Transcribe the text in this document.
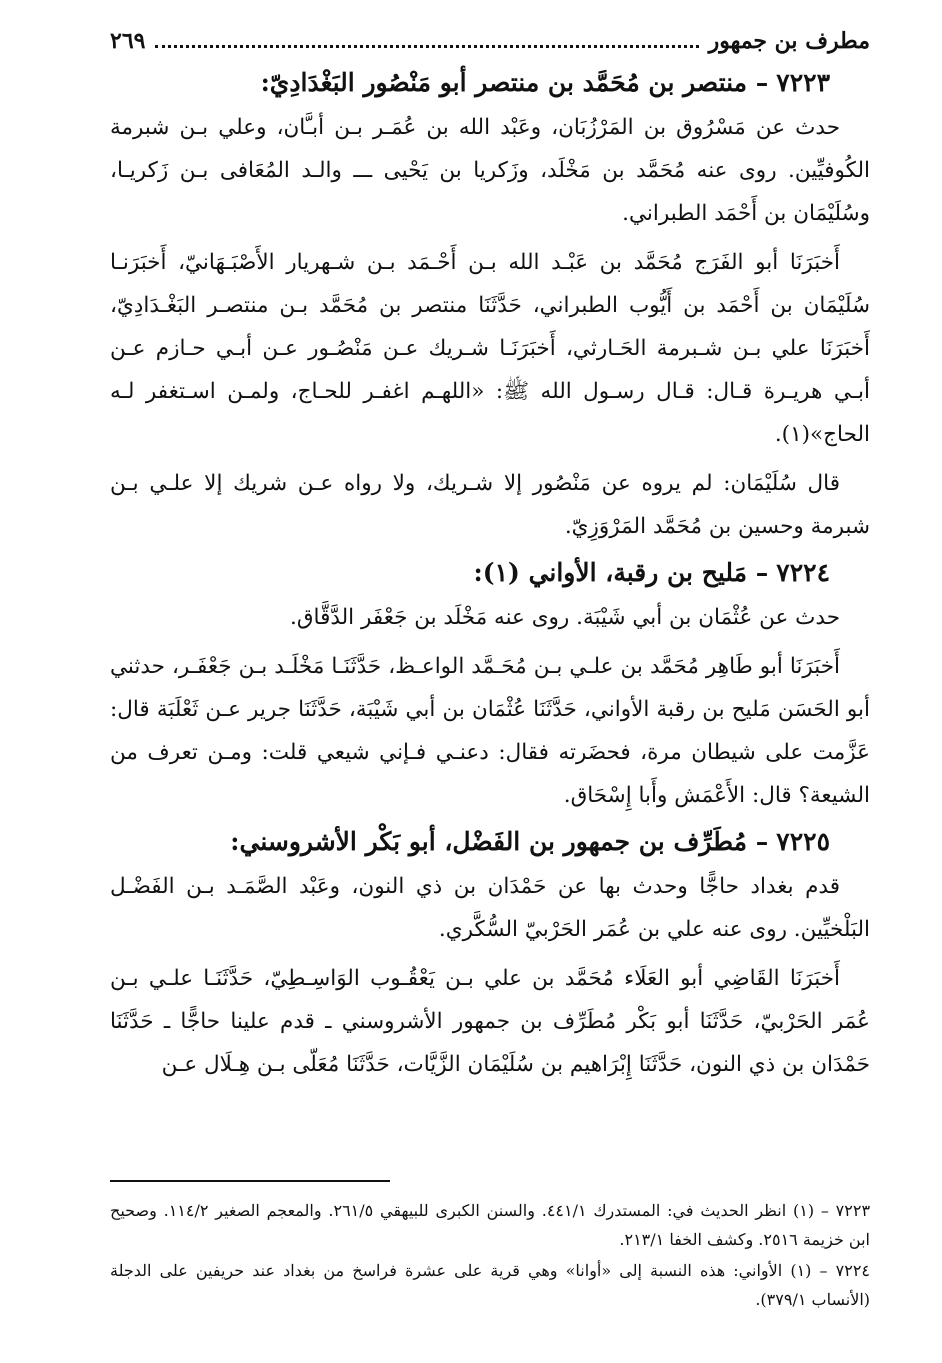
مطرف بن جمهور
٢٦٩
٧٢٢٣– منتصر بن مُحَمَّد بن منتصر أبو مَنْصُور البَغْدَادِيّ:

حدث عن مَسْرُوق بن المَرْزُبَان، وعَبْد الله بن عُمَـر بـن أبـَّان، وعلي بـن شبرمة الكُوفيِّين. روى عنه مُحَمَّد بن مَخْلَد، وزَكريا بن يَحْيى ـــ والـد المُعَافى بـن زَكريـا، وسُلَيْمَان بن أَحْمَد الطبراني.

أَخبَرَنَا أبو الفَرَج مُحَمَّد بن عَبْـد الله بـن أَحْـمَد بـن شـهريار الأَصْبَـهَانيّ، أَخبَرَنـا سُلَيْمَان بن أَحْمَد بن أَيُّوب الطبراني، حَدَّثَنَا منتصر بن مُحَمَّد بـن منتصـر البَغْـدَادِيّ، أَخبَرَنَا علي بـن شـبرمة الحَـارثي، أَخبَرَنَـا شـريك عـن مَنْصُـور عـن أبـي حـازم عـن أبـي هريـرة قـال: قـال رسـول الله ﷺ: «اللهـم اغفـر للحـاج، ولمـن اسـتغفر لـه الحاج»(١).

قال سُلَيْمَان: لم يروه عن مَنْصُور إلا شـريك، ولا رواه عـن شريك إلا علـي بـن شبرمة وحسين بن مُحَمَّد المَرْوَزِيّ.

٧٢٢٤– مَليح بن رقبة، الأواني (١):

حدث عن عُثْمَان بن أبي شَيْبَة. روى عنه مَخْلَد بن جَعْفَر الدَّقَّاق.

أَخبَرَنَا أبو طَاهِر مُحَمَّد بن علـي بـن مُحَـمَّد الواعـظ، حَدَّثَنَـا مَخْلَـد بـن جَعْفَـر، حدثني أبو الحَسَن مَليح بن رقبة الأواني، حَدَّثَنَا عُثْمَان بن أبي شَيْبَة، حَدَّثَنَا جرير عـن ثَعْلَبَة قال: عَزَّمت على شيطان مرة، فحضَرته فقال: دعنـي فـإني شيعي قلت: ومـن تعرف من الشيعة؟ قال: الأَعْمَش وأَبا إِسْحَاق.

٧٢٢٥– مُطَرِّف بن جمهور بن الفَضْل، أبو بَكْر الأشروسني:

قدم بغداد حاجًّا وحدث بها عن حَمْدَان بن ذي النون، وعَبْد الصَّمَـد بـن الفَضْـل البَلْخيِّين. روى عنه علي بن عُمَر الحَرْبيّ السُّكَّري.

أَخبَرَنَا القَاضِي أبو العَلَاء مُحَمَّد بن علي بـن يَعْقُـوب الوَاسِـطِيّ، حَدَّثَنَـا علـي بـن عُمَر الحَرْبيّ، حَدَّثَنَا أبو بَكْر مُطَرِّف بن جمهور الأشروسني ـ قدم علينا حاجًّا ـ حَدَّثَنَا حَمْدَان بن ذي النون، حَدَّثَنَا إِبْرَاهيم بن سُلَيْمَان الزَّيَّات، حَدَّثَنَا مُعَلّى بـن هِـلَال عـن

٧٢٢٣ – (١) انظر الحديث في: المستدرك ٤٤١/١. والسنن الكبرى للبيهقي ٢٦١/٥. والمعجم الصغير ١١٤/٢. وصحيح ابن خزيمة ٢٥١٦. وكشف الخفا ٢١٣/١.
٧٢٢٤ – (١) الأواني: هذه النسبة إلى «أوانا» وهي قرية على عشرة فراسخ من بغداد عند حريفين على الدجلة (الأنساب ٣٧٩/١).
